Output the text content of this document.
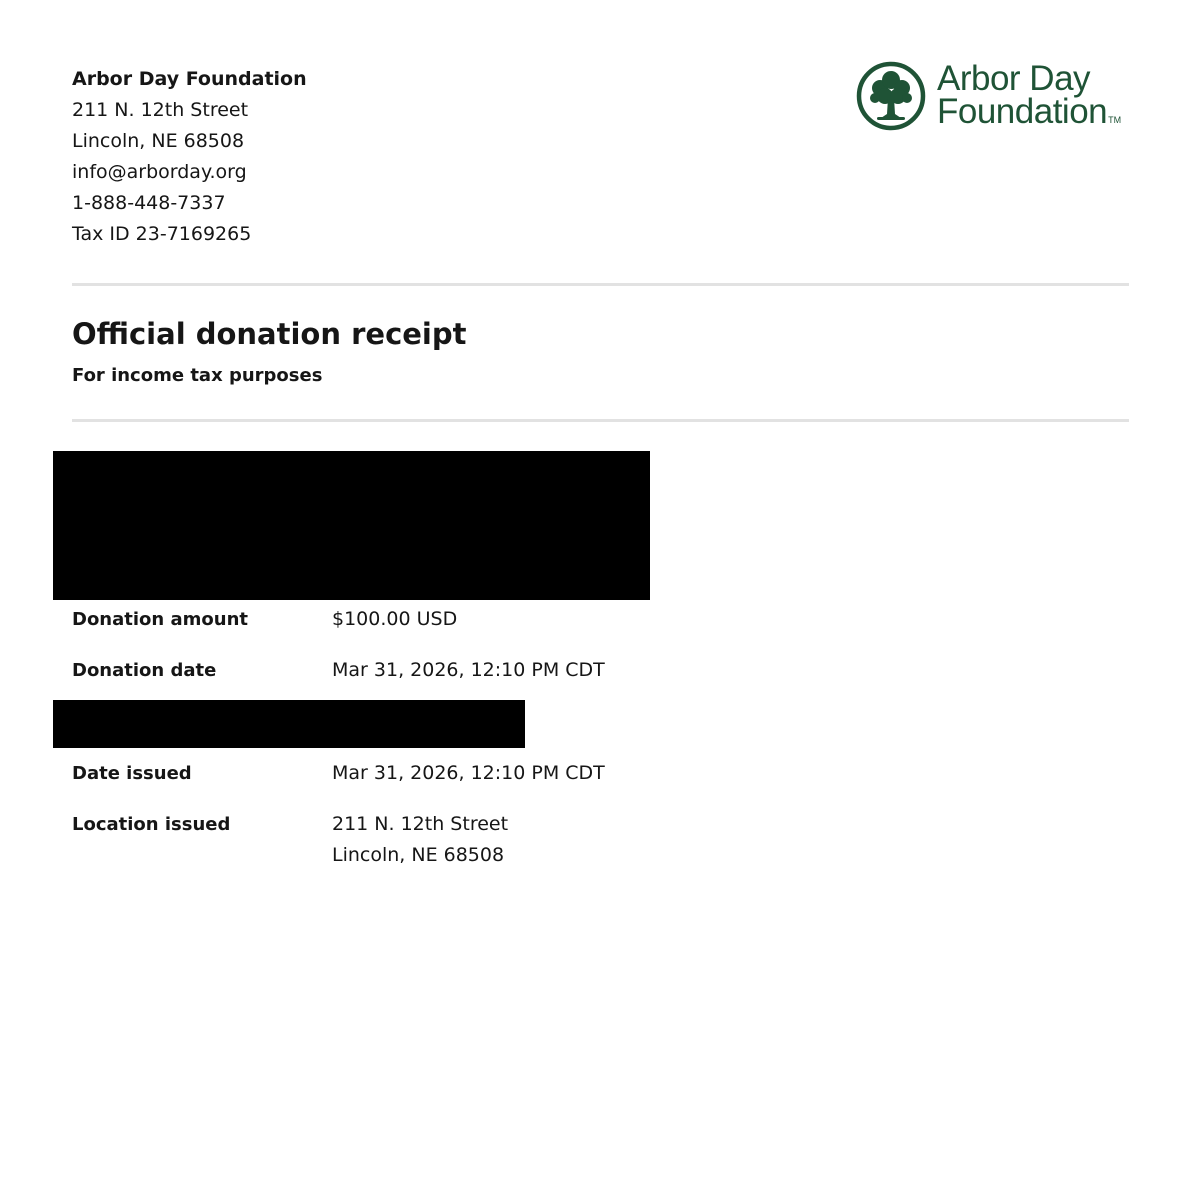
Arbor Day Foundation
211 N. 12th Street
Lincoln, NE 68508
info@arborday.org
1-888-448-7337
Tax ID 23-7169265
Arbor Day
FoundationTM
Official donation receipt
For income tax purposes
Donation amount	$100.00 USD
Donation date	Mar 31, 2026, 12:10 PM CDT
Date issued	Mar 31, 2026, 12:10 PM CDT
Location issued	211 N. 12th Street
Lincoln, NE 68508
